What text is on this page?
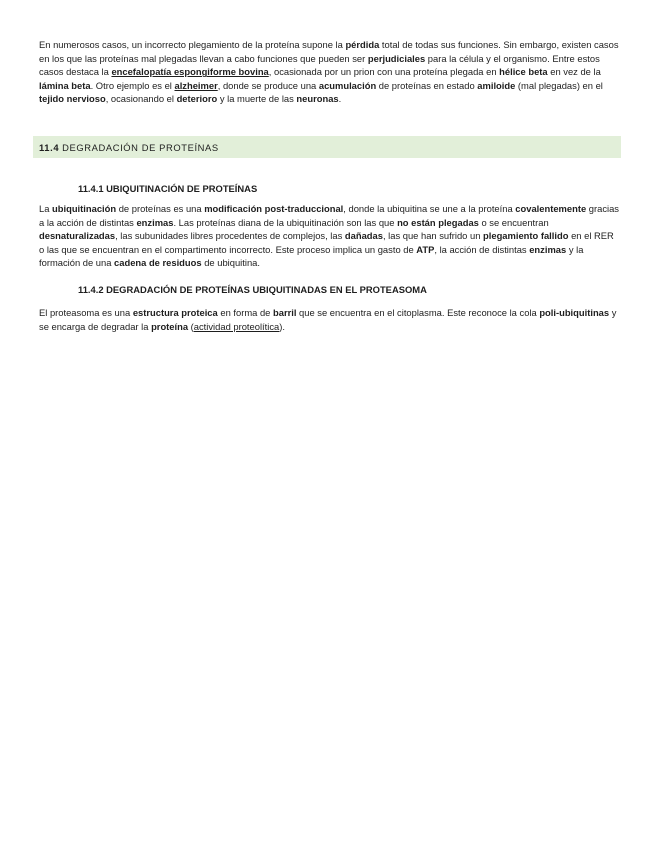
En numerosos casos, un incorrecto plegamiento de la proteína supone la pérdida total de todas sus funciones. Sin embargo, existen casos en los que las proteínas mal plegadas llevan a cabo funciones que pueden ser perjudiciales para la célula y el organismo. Entre estos casos destaca la encefalopatía espongiforme bovina, ocasionada por un prion con una proteína plegada en hélice beta en vez de la lámina beta. Otro ejemplo es el alzheimer, donde se produce una acumulación de proteínas en estado amiloide (mal plegadas) en el tejido nervioso, ocasionando el deterioro y la muerte de las neuronas.

11.4 DEGRADACIÓN DE PROTEÍNAS

11.4.1 UBIQUITINACIÓN DE PROTEÍNAS

La ubiquitinación de proteínas es una modificación post-traduccional, donde la ubiquitina se une a la proteína covalentemente gracias a la acción de distintas enzimas. Las proteínas diana de la ubiquitinación son las que no están plegadas o se encuentran desnaturalizadas, las subunidades libres procedentes de complejos, las dañadas, las que han sufrido un plegamiento fallido en el RER o las que se encuentran en el compartimento incorrecto. Este proceso implica un gasto de ATP, la acción de distintas enzimas y la formación de una cadena de residuos de ubiquitina.

11.4.2 DEGRADACIÓN DE PROTEÍNAS UBIQUITINADAS EN EL PROTEASOMA

El proteasoma es una estructura proteica en forma de barril que se encuentra en el citoplasma. Este reconoce la cola poli-ubiquitinas y se encarga de degradar la proteína (actividad proteolítica).
